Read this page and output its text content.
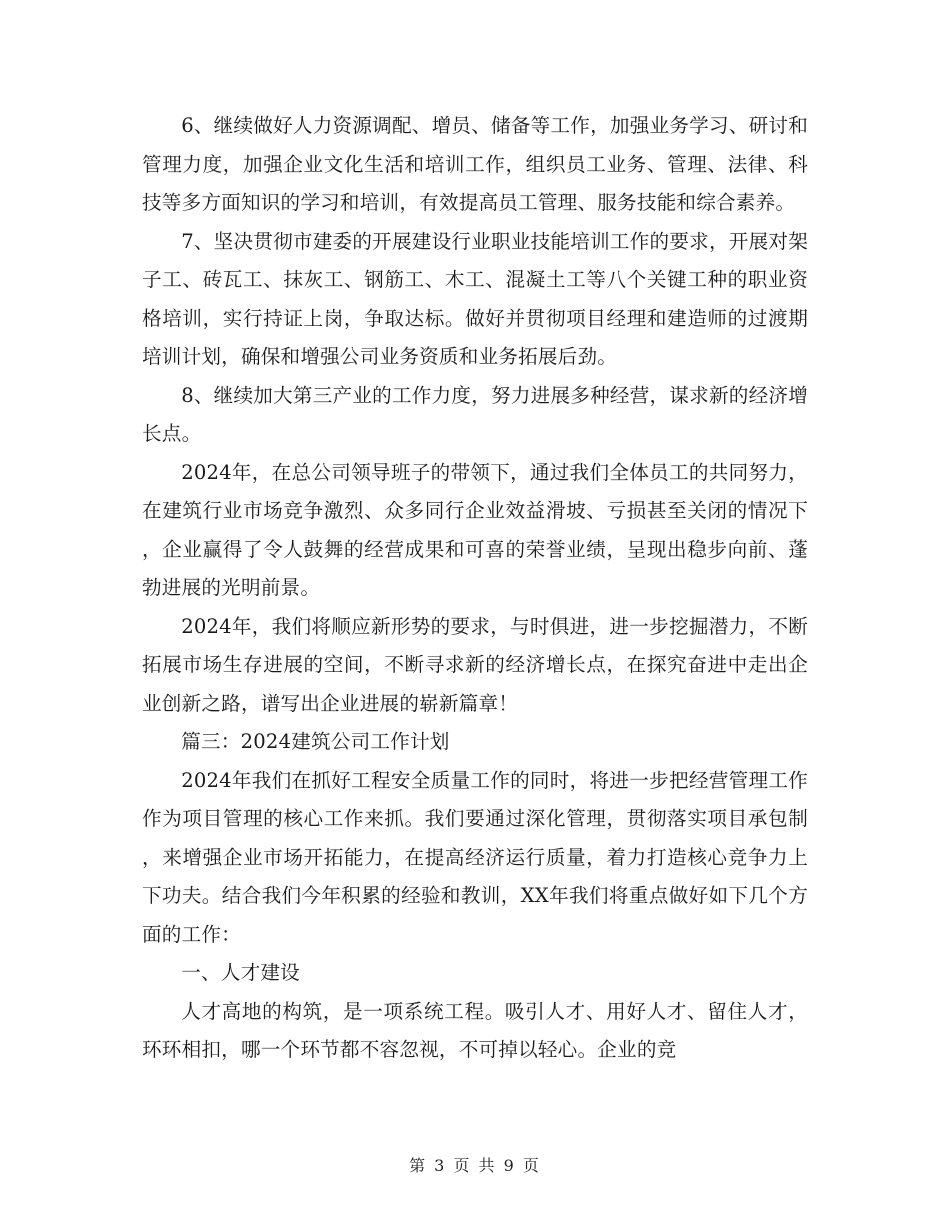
6、继续做好人力资源调配、增员、储备等工作，加强业务学习、研讨和管理力度，加强企业文化生活和培训工作，组织员工业务、管理、法律、科技等多方面知识的学习和培训，有效提高员工管理、服务技能和综合素养。

7、坚决贯彻市建委的开展建设行业职业技能培训工作的要求，开展对架子工、砖瓦工、抹灰工、钢筋工、木工、混凝土工等八个关键工种的职业资格培训，实行持证上岗，争取达标。做好并贯彻项目经理和建造师的过渡期培训计划，确保和增强公司业务资质和业务拓展后劲。

8、继续加大第三产业的工作力度，努力进展多种经营，谋求新的经济增长点。

2024年，在总公司领导班子的带领下，通过我们全体员工的共同努力，在建筑行业市场竞争激烈、众多同行企业效益滑坡、亏损甚至关闭的情况下，企业赢得了令人鼓舞的经营成果和可喜的荣誉业绩，呈现出稳步向前、蓬勃进展的光明前景。

2024年，我们将顺应新形势的要求，与时俱进，进一步挖掘潜力，不断拓展市场生存进展的空间，不断寻求新的经济增长点，在探究奋进中走出企业创新之路，谱写出企业进展的崭新篇章！

篇三：2024建筑公司工作计划

2024年我们在抓好工程安全质量工作的同时，将进一步把经营管理工作作为项目管理的核心工作来抓。我们要通过深化管理，贯彻落实项目承包制，来增强企业市场开拓能力，在提高经济运行质量，着力打造核心竞争力上下功夫。结合我们今年积累的经验和教训，XX年我们将重点做好如下几个方面的工作：

一、人才建设

人才高地的构筑，是一项系统工程。吸引人才、用好人才、留住人才，环环相扣，哪一个环节都不容忽视，不可掉以轻心。企业的竞

第 3 页 共 9 页
